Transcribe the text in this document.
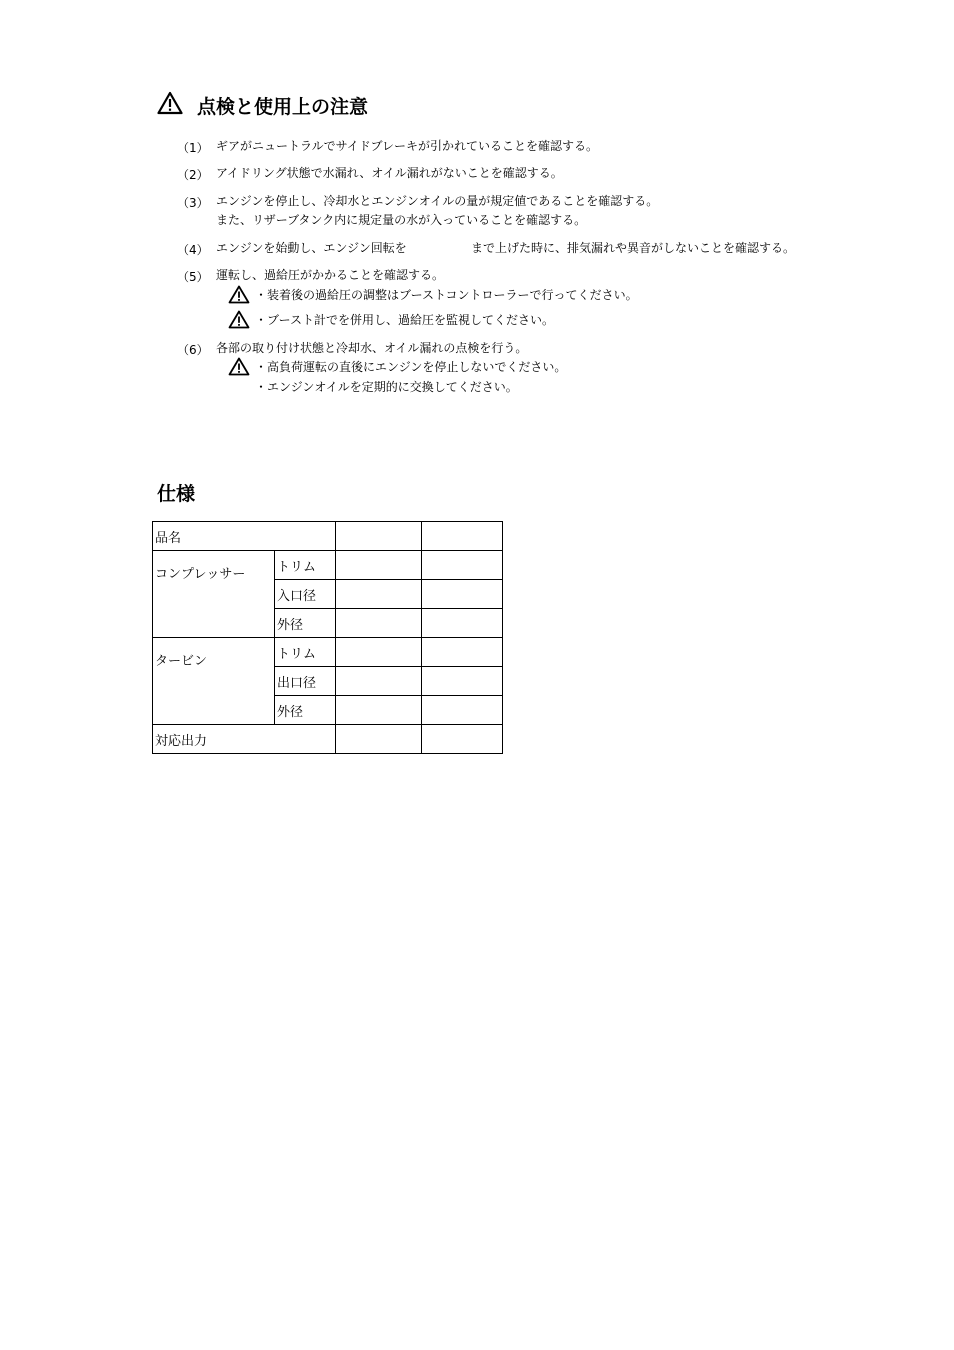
点検と使用上の注意
（1） ギアがニュートラルでサイドブレーキが引かれていることを確認する。
（2） アイドリング状態で水漏れ、オイル漏れがないことを確認する。
（3） エンジンを停止し、冷却水とエンジンオイルの量が規定値であることを確認する。
また、リザーブタンク内に規定量の水が入っていることを確認する。
（4） エンジンを始動し、エンジン回転を	まで上げた時に、排気漏れや異音がしないことを確認する。
（5） 運転し、過給圧がかかることを確認する。
・装着後の過給圧の調整はブーストコントローラーで行ってください。
・ブースト計でを併用し、過給圧を監視してください。
（6） 各部の取り付け状態と冷却水、オイル漏れの点検を行う。
・高負荷運転の直後にエンジンを停止しないでください。
・エンジンオイルを定期的に交換してください。
仕様
品名			
コンプレッサー	トリム		
	入口径		
	外径		
タービン	トリム		
	出口径		
	外径		
対応出力			
